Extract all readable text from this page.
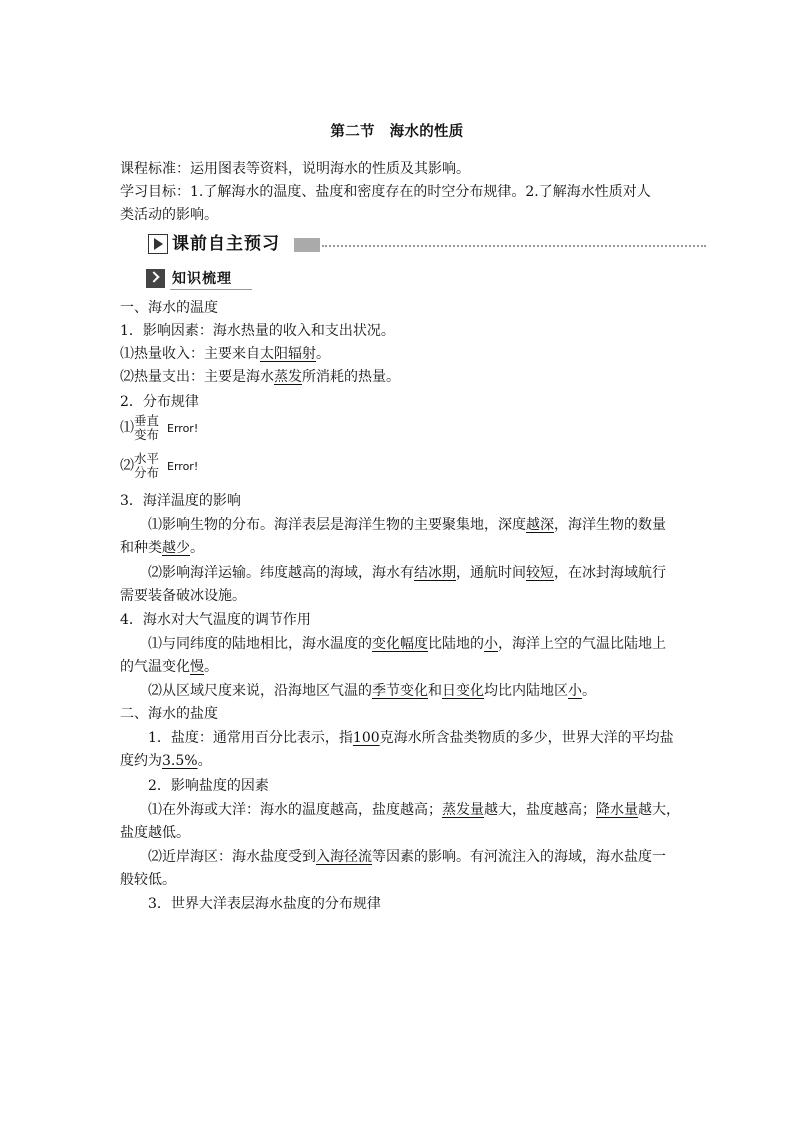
第二节　海水的性质
课程标准：运用图表等资料，说明海水的性质及其影响。
学习目标：1.了解海水的温度、盐度和密度存在的时空分布规律。2.了解海水性质对人
类活动的影响。
课前自主预习
知识梳理
一、海水的温度
1．影响因素：海水热量的收入和支出状况。
⑴热量收入：主要来自太阳辐射。
⑵热量支出：主要是海水蒸发所消耗的热量。
2．分布规律
⑴垂直
变布 Error!
⑵水平
分布 Error!
3．海洋温度的影响
⑴影响生物的分布。海洋表层是海洋生物的主要聚集地，深度越深，海洋生物的数量
和种类越少。
⑵影响海洋运输。纬度越高的海域，海水有结冰期，通航时间较短，在冰封海域航行
需要装备破冰设施。
4．海水对大气温度的调节作用
⑴与同纬度的陆地相比，海水温度的变化幅度比陆地的小，海洋上空的气温比陆地上
的气温变化慢。
⑵从区域尺度来说，沿海地区气温的季节变化和日变化均比内陆地区小。
二、海水的盐度
1．盐度：通常用百分比表示，指100克海水所含盐类物质的多少，世界大洋的平均盐
度约为3.5%。
2．影响盐度的因素
⑴在外海或大洋：海水的温度越高，盐度越高；蒸发量越大，盐度越高；降水量越大，
盐度越低。
⑵近岸海区：海水盐度受到入海径流等因素的影响。有河流注入的海域，海水盐度一
般较低。
3．世界大洋表层海水盐度的分布规律
